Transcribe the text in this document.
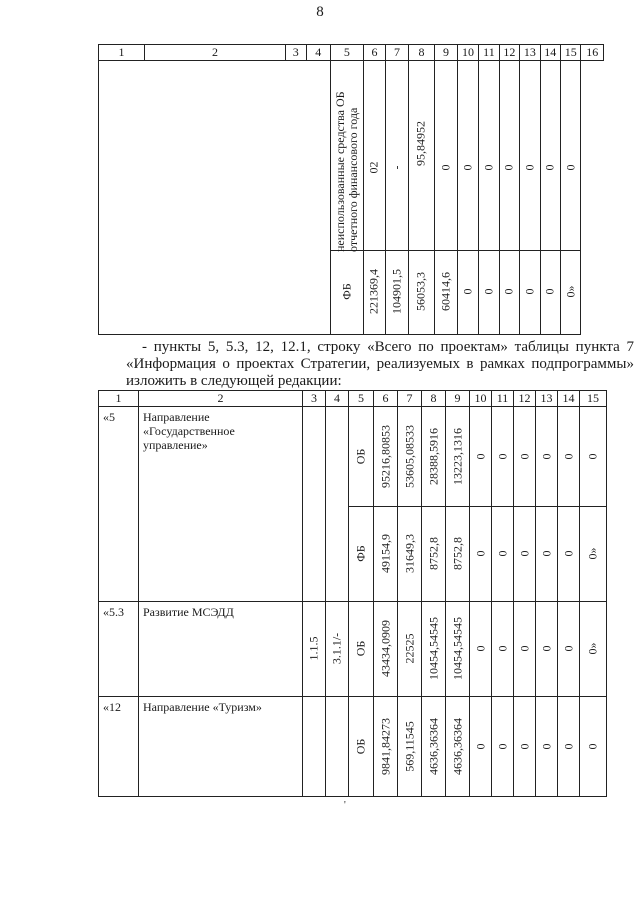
8
1	2	3	4	5	6	7	8	9	10	11	12	13	14	15	16

				неиспользованные средства ОБ отчетного финансового года	02	-	95,84952	0	0	0	0	0	0	0	

				ФБ	221369,4	104901,5	56053,3	60414,6	0	0	0	0	0	0»	
- пункты 5, 5.3, 12, 12.1, строку «Всего по проектам» таблицы пункта 7
«Информация о проектах Стратегии, реализуемых в рамках подпрограммы»
изложить в следующей редакции:
1	2	3	4	5	6	7	8	9	10	11	12	13	14	15
«5	Направление «Государственное управление»			ОБ	95216,80853	53605,08533	28388,5916	13223,1316	0	0	0	0	0	0

				ФБ	49154,9	31649,3	8752,8	8752,8	0	0	0	0	0	0»

«5.3	Развитие МСЭДД	1.1.5	3.1.1/-	ОБ	43434,0909	22525	10454,54545	10454,54545	0	0	0	0	0	0»

«12	Направление «Туризм»			ОБ	9841,84273	569,11545	4636,36364	4636,36364	0	0	0	0	0	0
'
